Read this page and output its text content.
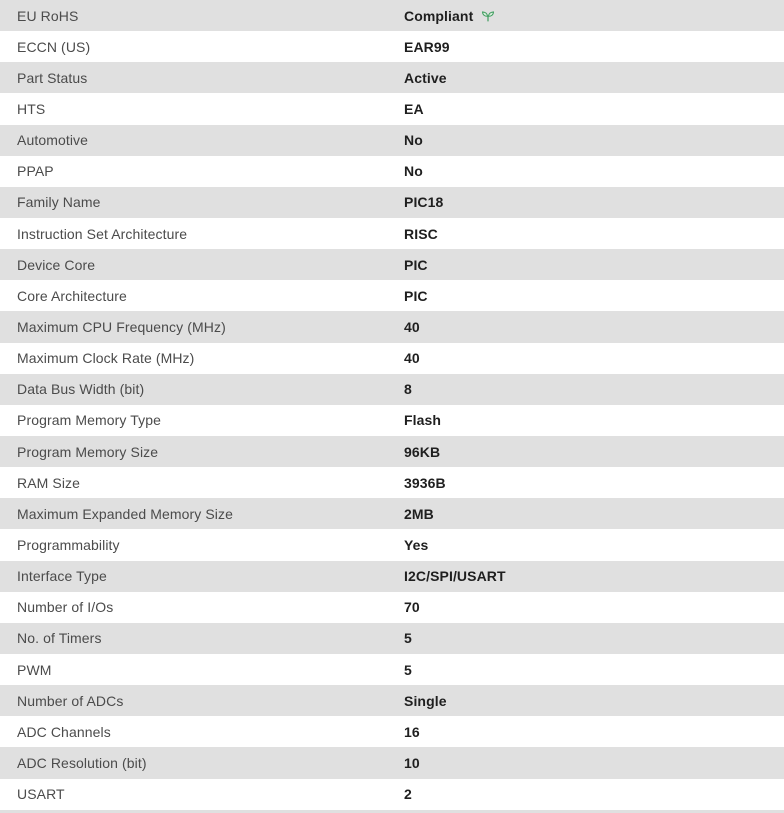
EU RoHS	Compliant
ECCN (US)	EAR99
Part Status	Active
HTS	EA
Automotive	No
PPAP	No
Family Name	PIC18
Instruction Set Architecture	RISC
Device Core	PIC
Core Architecture	PIC
Maximum CPU Frequency (MHz)	40
Maximum Clock Rate (MHz)	40
Data Bus Width (bit)	8
Program Memory Type	Flash
Program Memory Size	96KB
RAM Size	3936B
Maximum Expanded Memory Size	2MB
Programmability	Yes
Interface Type	I2C/SPI/USART
Number of I/Os	70
No. of Timers	5
PWM	5
Number of ADCs	Single
ADC Channels	16
ADC Resolution (bit)	10
USART	2
